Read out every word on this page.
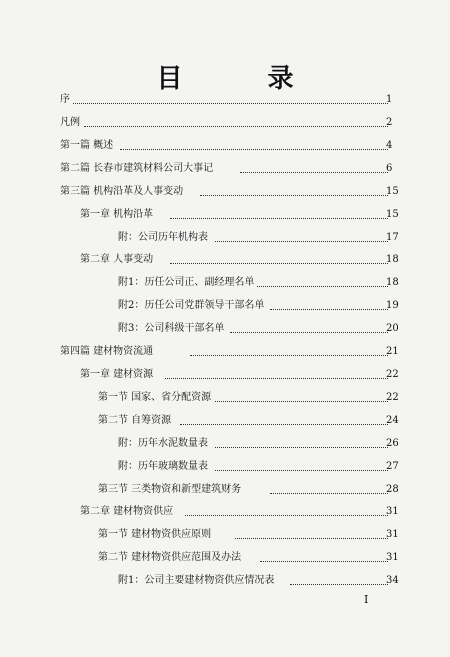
目 录
序	1
凡例	2
第一篇 概述	4
第二篇 长春市建筑材料公司大事记	6
第三篇 机构沿革及人事变动	15
第一章 机构沿革	15
附：公司历年机构表	17
第二章 人事变动	18
附1：历任公司正、副经理名单	18
附2：历任公司党群领导干部名单	19
附3：公司科级干部名单	20
第四篇 建材物资流通	21
第一章 建材资源	22
第一节 国家、省分配资源	22
第二节 自筹资源	24
附：历年水泥数量表	26
附：历年玻璃数量表	27
第三节 三类物资和新型建筑财务	28
第二章 建材物资供应	31
第一节 建材物资供应原则	31
第二节 建材物资供应范围及办法	31
附1：公司主要建材物资供应情况表	34
I
